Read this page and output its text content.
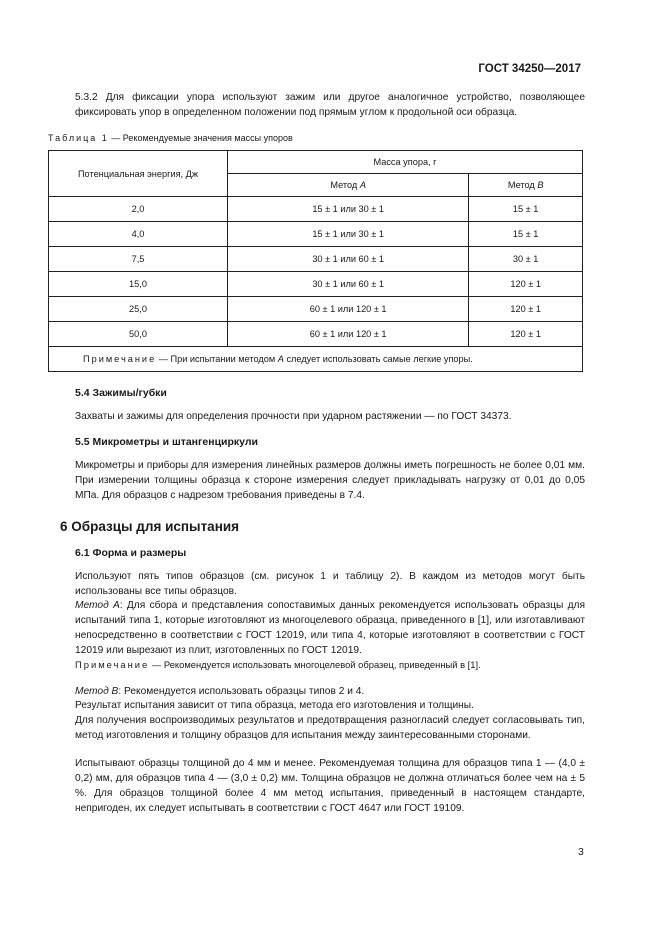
ГОСТ 34250—2017
5.3.2 Для фиксации упора используют зажим или другое аналогичное устройство, позволяющее фиксировать упор в определенном положении под прямым углом к продольной оси образца.
Таблица 1 — Рекомендуемые значения массы упоров
Потенциальная энергия, Дж	Масса упора, г	
	Метод A	Метод B
2,0	15 ± 1 или 30 ± 1	15 ± 1
4,0	15 ± 1 или 30 ± 1	15 ± 1
7,5	30 ± 1 или 60 ± 1	30 ± 1
15,0	30 ± 1 или 60 ± 1	120 ± 1
25,0	60 ± 1 или 120 ± 1	120 ± 1
50,0	60 ± 1 или 120 ± 1	120 ± 1
Примечание — При испытании методом A следует использовать самые легкие упоры.		
5.4 Зажимы/губки
Захваты и зажимы для определения прочности при ударном растяжении — по ГОСТ 34373.
5.5 Микрометры и штангенциркули
Микрометры и приборы для измерения линейных размеров должны иметь погрешность не более 0,01 мм. При измерении толщины образца к стороне измерения следует прикладывать нагрузку от 0,01 до 0,05 МПа. Для образцов с надрезом требования приведены в 7.4.
6 Образцы для испытания
6.1 Форма и размеры
Используют пять типов образцов (см. рисунок 1 и таблицу 2). В каждом из методов могут быть использованы все типы образцов.
Метод A: Для сбора и представления сопоставимых данных рекомендуется использовать образцы для испытаний типа 1, которые изготовляют из многоцелевого образца, приведенного в [1], или изготавливают непосредственно в соответствии с ГОСТ 12019, или типа 4, которые изготовляют в соответствии с ГОСТ 12019 или вырезают из плит, изготовленных по ГОСТ 12019.
Примечание — Рекомендуется использовать многоцелевой образец, приведенный в [1].
Метод B: Рекомендуется использовать образцы типов 2 и 4.
Результат испытания зависит от типа образца, метода его изготовления и толщины.
Для получения воспроизводимых результатов и предотвращения разногласий следует согласовывать тип, метод изготовления и толщину образцов для испытания между заинтересованными сторонами.
Испытывают образцы толщиной до 4 мм и менее. Рекомендуемая толщина для образцов типа 1 — (4,0 ± 0,2) мм, для образцов типа 4 — (3,0 ± 0,2) мм. Толщина образцов не должна отличаться более чем на ± 5 %. Для образцов толщиной более 4 мм метод испытания, приведенный в настоящем стандарте, непригоден, их следует испытывать в соответствии с ГОСТ 4647 или ГОСТ 19109.
3
